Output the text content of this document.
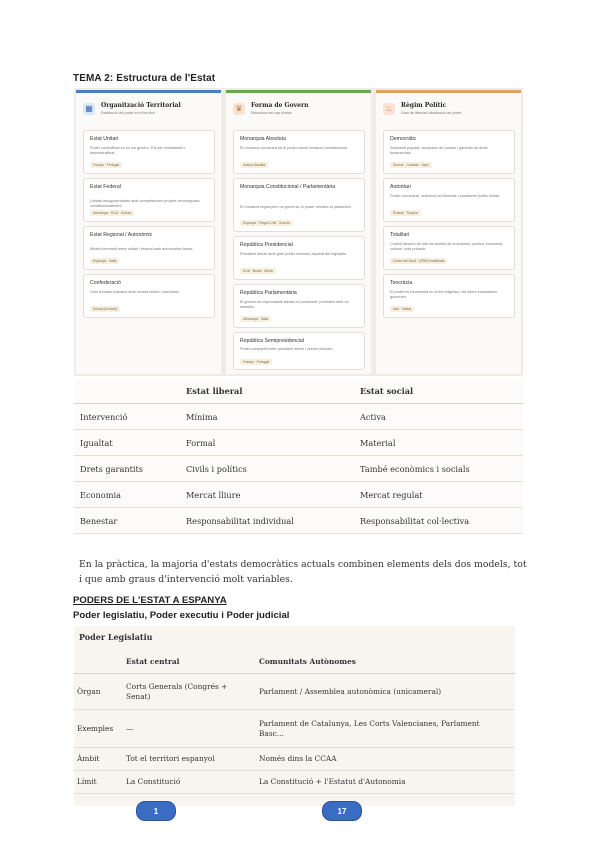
TEMA 2: Estructura de l'Estat
▦	Organització Territorial
Distribució del poder en el territori
Estat Unitari
Poder centralitzat en un sol govern. Pot ser centralitzat o descentralitzat.
França · Portugal
Estat Federal
Unitats autogovernades amb competències pròpies reconegudes constitucionalment.
Alemanya · EUA · Suïssa
Estat Regional / Autonòmic
Model intermedi entre unitari i federal amb autonomies fortes.
Espanya · Itàlia
Confederació
Unió d'estats sobirans amb vincles febles i voluntaris.
Suïssa (històric)
♛	Forma de Govern
Estructura del cap d'estat
Monarquia Absoluta
El monarca concentra tot el poder sense limitació constitucional.
Aràbia Saudita
Monarquia Constitucional / Parlamentària
El monarca regna però no governa; el poder resideix al parlament.
Espanya · Regne Unit · Suècia
República Presidencial
President electe amb gran poder executiu separat del legislatiu.
EUA · Brasil · Mèxic
República Parlamentària
El govern és responsable davant el parlament; president amb rol simbòlic.
Alemanya · Itàlia
República Semipresidencial
Poder compartit entre president electe i primer ministre.
França · Portugal
♨	Règim Polític
Grau de llibertat i distribució del poder
Democràtic
Sobirania popular, separació de poders i garantia de drets fonamentals.
Suècia · Canadà · Japó
Autoritari
Poder concentrat, restricció de llibertats i pluralisme polític limitat.
Rússia · Turquia
Totalitari
Control absolut de tots els àmbits de la societat: política, economia, cultura i vida privada.
Corea del Nord · URSS estalinista
Teocràcia
El poder es fonamenta en la llei religiosa i els líders eclesiàstics governen.
Iran · Vaticà
	Estat liberal	Estat social
Intervenció	Mínima	Activa
Igualtat	Formal	Material
Drets garantits	Civils i polítics	També econòmics i socials
Economia	Mercat lliure	Mercat regulat
Benestar	Responsabilitat individual	Responsabilitat col·lectiva
En la pràctica, la majoria d'estats democràtics actuals combinen elements dels dos models, tot i que amb graus d'intervenció molt variables.
PODERS DE L'ESTAT A ESPANYA
Poder legislatiu, Poder executiu i Poder judicial
Poder Legislatiu
	Estat central	Comunitats Autònomes
Òrgan	Corts Generals (Congrés + Senat)	Parlament / Assemblea autonòmica (unicameral)
Exemples	—	Parlament de Catalunya, Les Corts Valencianes, Parlament Basc...
Àmbit	Tot el territori espanyol	Només dins la CCAA
Límit	La Constitució	La Constitució + l'Estatut d'Autonomia
1	17
